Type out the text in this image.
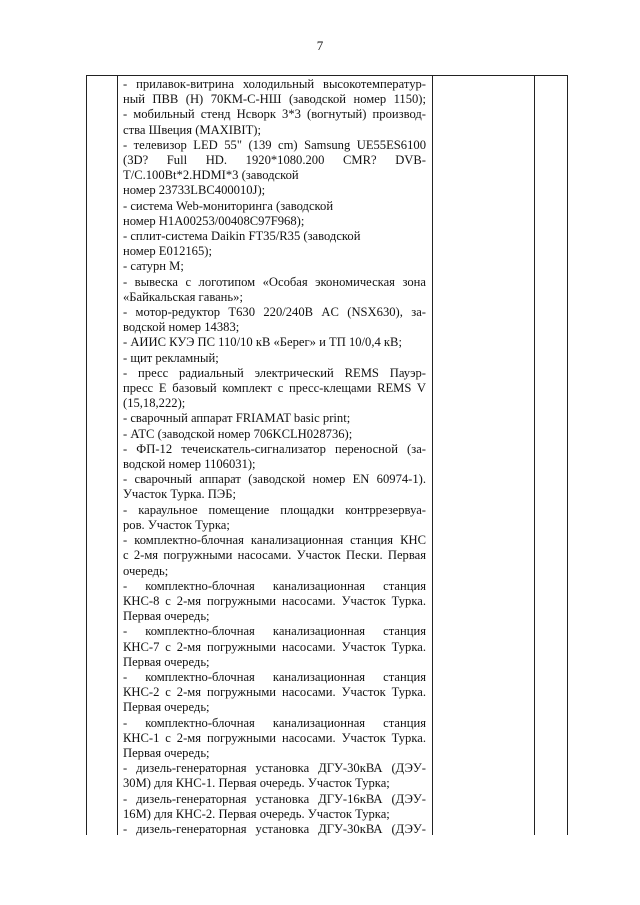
7
- прилавок-витрина холодильный высокотемператур-
ный ПВВ (Н) 70КМ-С-НШ (заводской номер 1150);
- мобильный стенд Нсворк 3*3 (вогнутый) производ-
ства Швеция (MAXIBIT);
- телевизор LED 55" (139 cm) Samsung UE55ES6100
(3D? Full HD. 1920*1080.200 CMR? DVB-
T/C.100Bt*2.HDMI*3 (заводской
номер 23733LBC400010J);
- система Web-мониторинга (заводской
номер H1A00253/00408C97F968);
- сплит-система Daikin FT35/R35 (заводской
номер E012165);
- сатурн М;
- вывеска с логотипом «Особая экономическая зона
«Байкальская гавань»;
- мотор-редуктор Т630 220/240В AC (NSX630), за-
водской номер 14383;
- АИИС КУЭ ПС 110/10 кВ «Берег» и ТП 10/0,4 кВ;
- щит рекламный;
- пресс радиальный электрический REMS Пауэр-
пресс Е базовый комплект с пресс-клещами REMS V
(15,18,222);
- сварочный аппарат FRIAMAT basic print;
- АТС (заводской номер 706KCLH028736);
- ФП-12 течеискатель-сигнализатор переносной (за-
водской номер 1106031);
- сварочный аппарат (заводской номер EN 60974-1).
Участок Турка. ПЭБ;
- караульное помещение площадки контррезервуа-
ров. Участок Турка;
- комплектно-блочная канализационная станция КНС
с 2-мя погружными насосами. Участок Пески. Первая
очередь;
- комплектно-блочная канализационная станция
КНС-8 с 2-мя погружными насосами. Участок Турка.
Первая очередь;
- комплектно-блочная канализационная станция
КНС-7 с 2-мя погружными насосами. Участок Турка.
Первая очередь;
- комплектно-блочная канализационная станция
КНС-2 с 2-мя погружными насосами. Участок Турка.
Первая очередь;
- комплектно-блочная канализационная станция
КНС-1 с 2-мя погружными насосами. Участок Турка.
Первая очередь;
- дизель-генераторная установка ДГУ-30кВА (ДЭУ-
30М) для КНС-1. Первая очередь. Участок Турка;
- дизель-генераторная установка ДГУ-16кВА (ДЭУ-
16М) для КНС-2. Первая очередь. Участок Турка;
- дизель-генераторная установка ДГУ-30кВА (ДЭУ-
